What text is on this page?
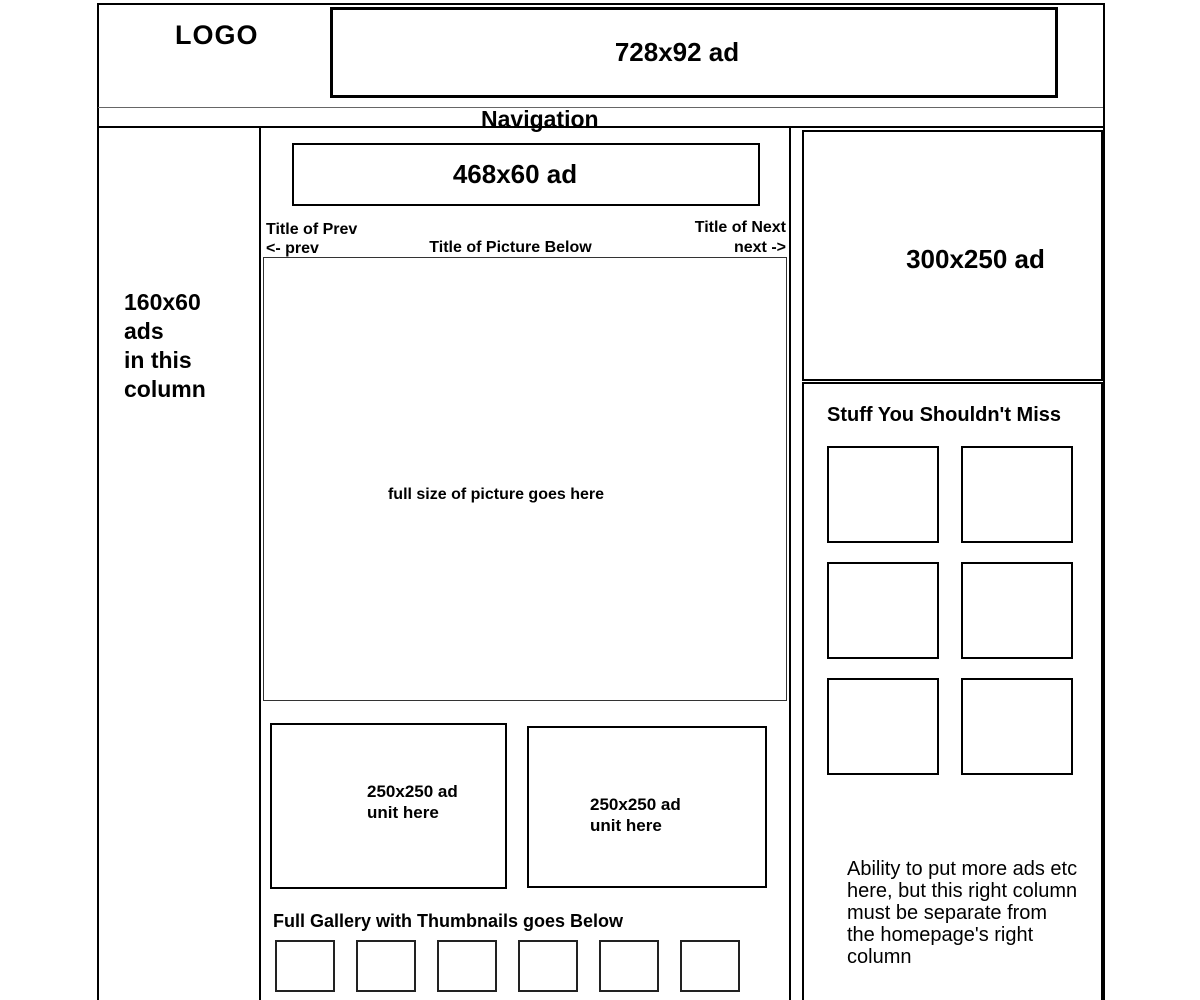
LOGO
728x92 ad
Navigation
160x60
ads
in this
column
468x60 ad
Title of Prev
<- prev	Title of Picture Below
Title of Next
next ->
full size of picture goes here
250x250 ad
unit here	250x250 ad
unit here
Full Gallery with Thumbnails goes Below
300x250 ad
Stuff You Shouldn't Miss
Ability to put more ads etc
here, but this right column
must be separate from
the homepage's right
column
